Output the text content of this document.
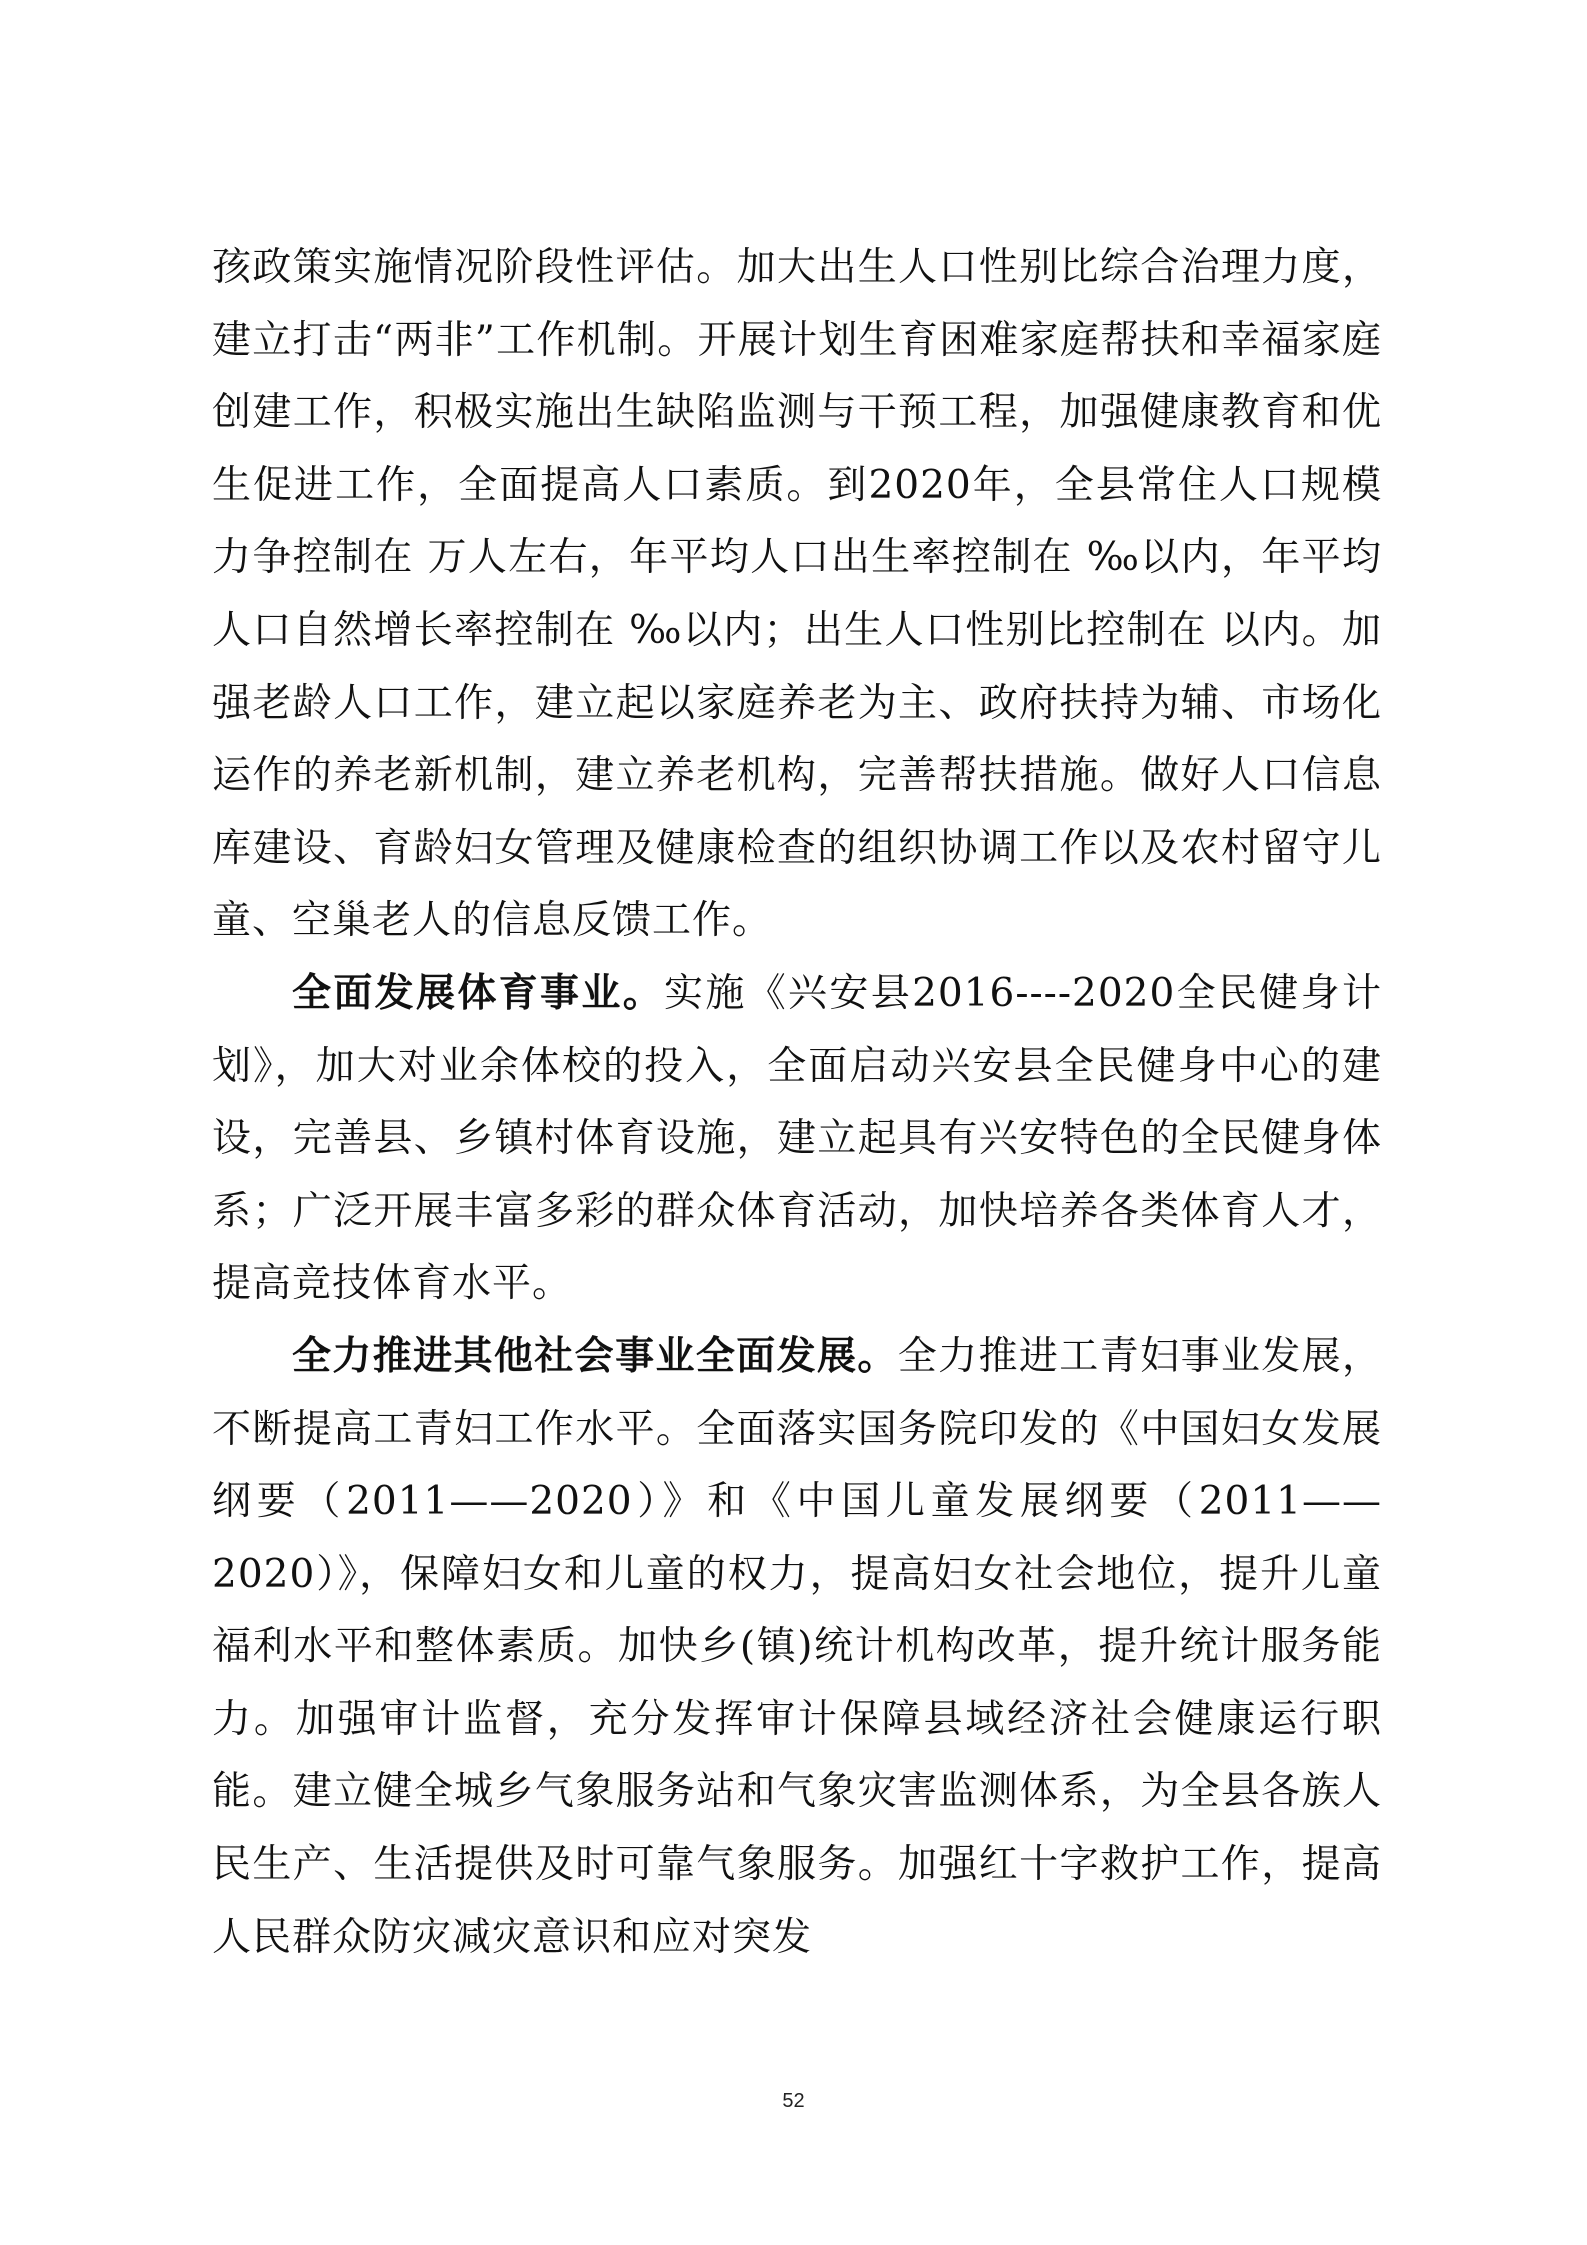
孩政策实施情况阶段性评估。加大出生人口性别比综合治理力度，建立打击“两非”工作机制。开展计划生育困难家庭帮扶和幸福家庭创建工作，积极实施出生缺陷监测与干预工程，加强健康教育和优生促进工作，全面提高人口素质。到2020年，全县常住人口规模力争控制在 万人左右，年平均人口出生率控制在 ‰以内，年平均人口自然增长率控制在 ‰以内；出生人口性别比控制在 以内。加强老龄人口工作，建立起以家庭养老为主、政府扶持为辅、市场化运作的养老新机制，建立养老机构，完善帮扶措施。做好人口信息库建设、育龄妇女管理及健康检查的组织协调工作以及农村留守儿童、空巢老人的信息反馈工作。

全面发展体育事业。实施《兴安县2016----2020全民健身计划》，加大对业余体校的投入，全面启动兴安县全民健身中心的建设，完善县、乡镇村体育设施，建立起具有兴安特色的全民健身体系；广泛开展丰富多彩的群众体育活动，加快培养各类体育人才，提高竞技体育水平。

全力推进其他社会事业全面发展。全力推进工青妇事业发展，不断提高工青妇工作水平。全面落实国务院印发的《中国妇女发展纲要（2011——2020）》和《中国儿童发展纲要（2011——2020）》，保障妇女和儿童的权力，提高妇女社会地位，提升儿童福利水平和整体素质。加快乡(镇)统计机构改革，提升统计服务能力。加强审计监督，充分发挥审计保障县域经济社会健康运行职能。建立健全城乡气象服务站和气象灾害监测体系，为全县各族人民生产、生活提供及时可靠气象服务。加强红十字救护工作，提高人民群众防灾减灾意识和应对突发

52
